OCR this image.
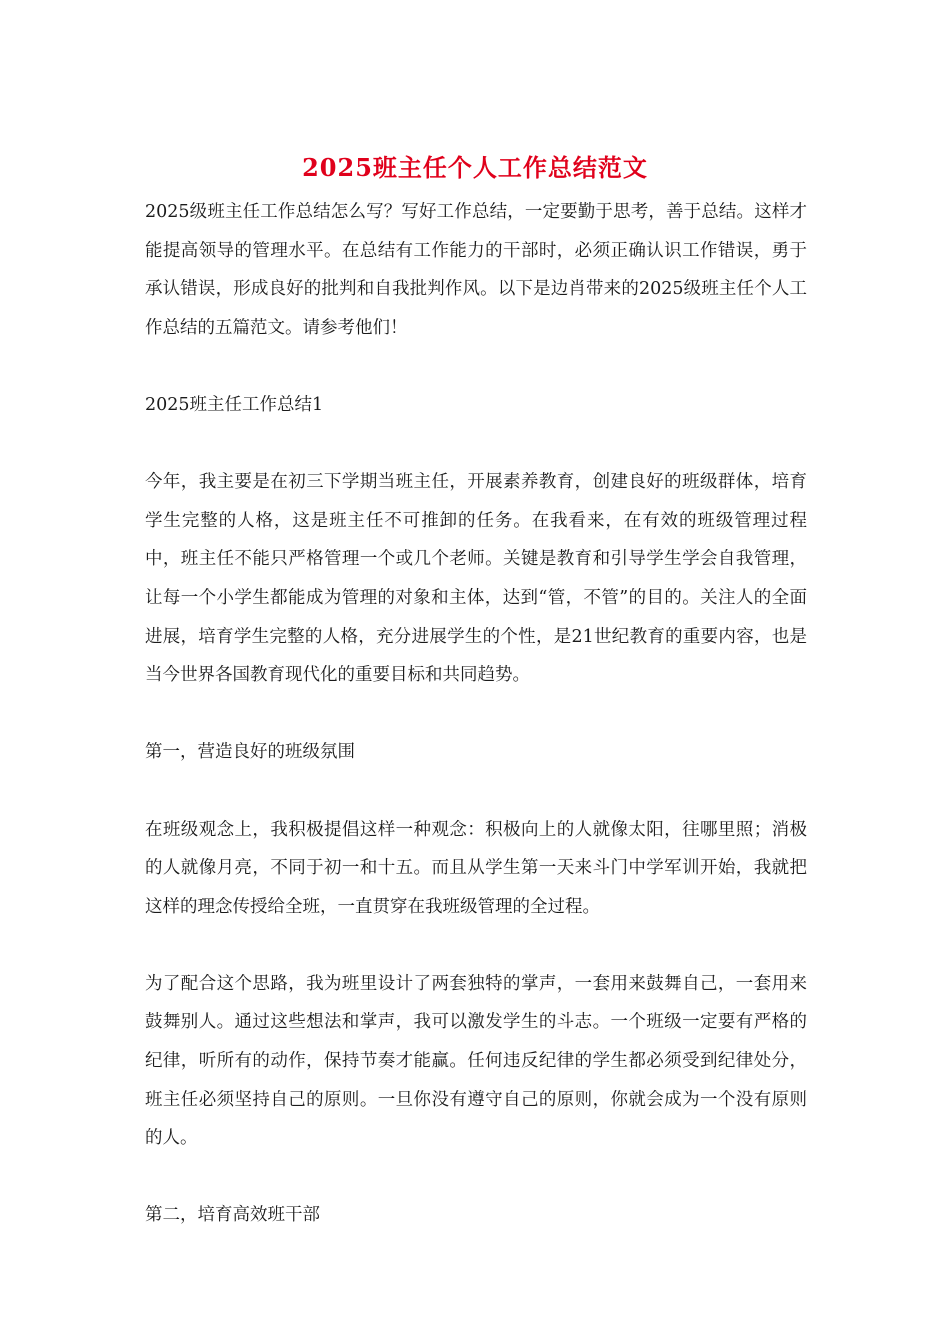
2025班主任个人工作总结范文

2025级班主任工作总结怎么写？写好工作总结，一定要勤于思考，善于总结。这样才能提高领导的管理水平。在总结有工作能力的干部时，必须正确认识工作错误，勇于承认错误，形成良好的批判和自我批判作风。以下是边肖带来的2025级班主任个人工作总结的五篇范文。请参考他们！

2025班主任工作总结1

今年，我主要是在初三下学期当班主任，开展素养教育，创建良好的班级群体，培育学生完整的人格，这是班主任不可推卸的任务。在我看来，在有效的班级管理过程中，班主任不能只严格管理一个或几个老师。关键是教育和引导学生学会自我管理，让每一个小学生都能成为管理的对象和主体，达到“管，不管”的目的。关注人的全面进展，培育学生完整的人格，充分进展学生的个性，是21世纪教育的重要内容，也是当今世界各国教育现代化的重要目标和共同趋势。

第一，营造良好的班级氛围

在班级观念上，我积极提倡这样一种观念：积极向上的人就像太阳，往哪里照；消极的人就像月亮，不同于初一和十五。而且从学生第一天来斗门中学军训开始，我就把这样的理念传授给全班，一直贯穿在我班级管理的全过程。

为了配合这个思路，我为班里设计了两套独特的掌声，一套用来鼓舞自己，一套用来鼓舞别人。通过这些想法和掌声，我可以激发学生的斗志。一个班级一定要有严格的纪律，听所有的动作，保持节奏才能赢。任何违反纪律的学生都必须受到纪律处分，班主任必须坚持自己的原则。一旦你没有遵守自己的原则，你就会成为一个没有原则的人。

第二，培育高效班干部
